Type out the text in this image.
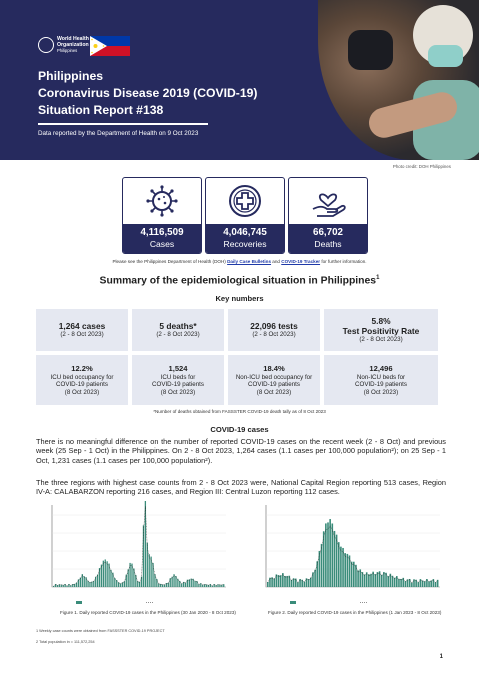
World Health
Organization
Philippines
Philippines
Coronavirus Disease 2019 (COVID-19)
Situation Report #138
Data reported by the Department of Health on 9 Oct 2023
Photo credit: DOH Philippines
4,116,509
Cases
4,046,745
Recoveries
66,702
Deaths
Please see the Philippines Department of Health (DOH) Daily Case Bulletins and COVID-19 Tracker for further information.
Summary of the epidemiological situation in Philippines$^1$
Key numbers
1,264 cases
(2 - 8 Oct 2023)
5 deaths*
(2 - 8 Oct 2023)
22,096 tests
(2 - 8 Oct 2023)
5.8%
Test Positivity Rate
(2 - 8 Oct 2023)
12.2%
ICU bed occupancy for
COVID-19 patients
(8 Oct 2023)
1,524
ICU beds for
COVID-19 patients
(8 Oct 2023)
18.4%
Non-ICU bed occupancy for
COVID-19 patients
(8 Oct 2023)
12,496
Non-ICU beds for
COVID-19 patients
(8 Oct 2023)
*Number of deaths obtained from FASSSTER COVID-19 death tally as of 8 Oct 2023
COVID-19 cases
There is no meaningful difference on the number of reported COVID-19 cases on the recent week (2 - 8 Oct) and previous week (25 Sep - 1 Oct) in the Philippines. On 2 - 8 Oct 2023, 1,264 cases (1.1 cases per 100,000 population²); on 25 Sep - 1 Oct, 1,231 cases (1.1 cases per 100,000 population²).
The three regions with highest case counts from 2 - 8 Oct 2023 were, National Capital Region reporting 513 cases, Region IV-A: CALABARZON reporting 216 cases, and Region III: Central Luzon reporting 112 cases.
Figure 1. Daily reported COVID-19 cases in the Philippines (30 Jan 2020 - 8 Oct 2023)	Figure 2. Daily reported COVID-19 cases in the Philippines (1 Jan 2023 - 8 Oct 2023)
1 Weekly case counts were obtained from FASSSTER COVID-19 PROJECT
2 Total population in = 111,572,254
1
